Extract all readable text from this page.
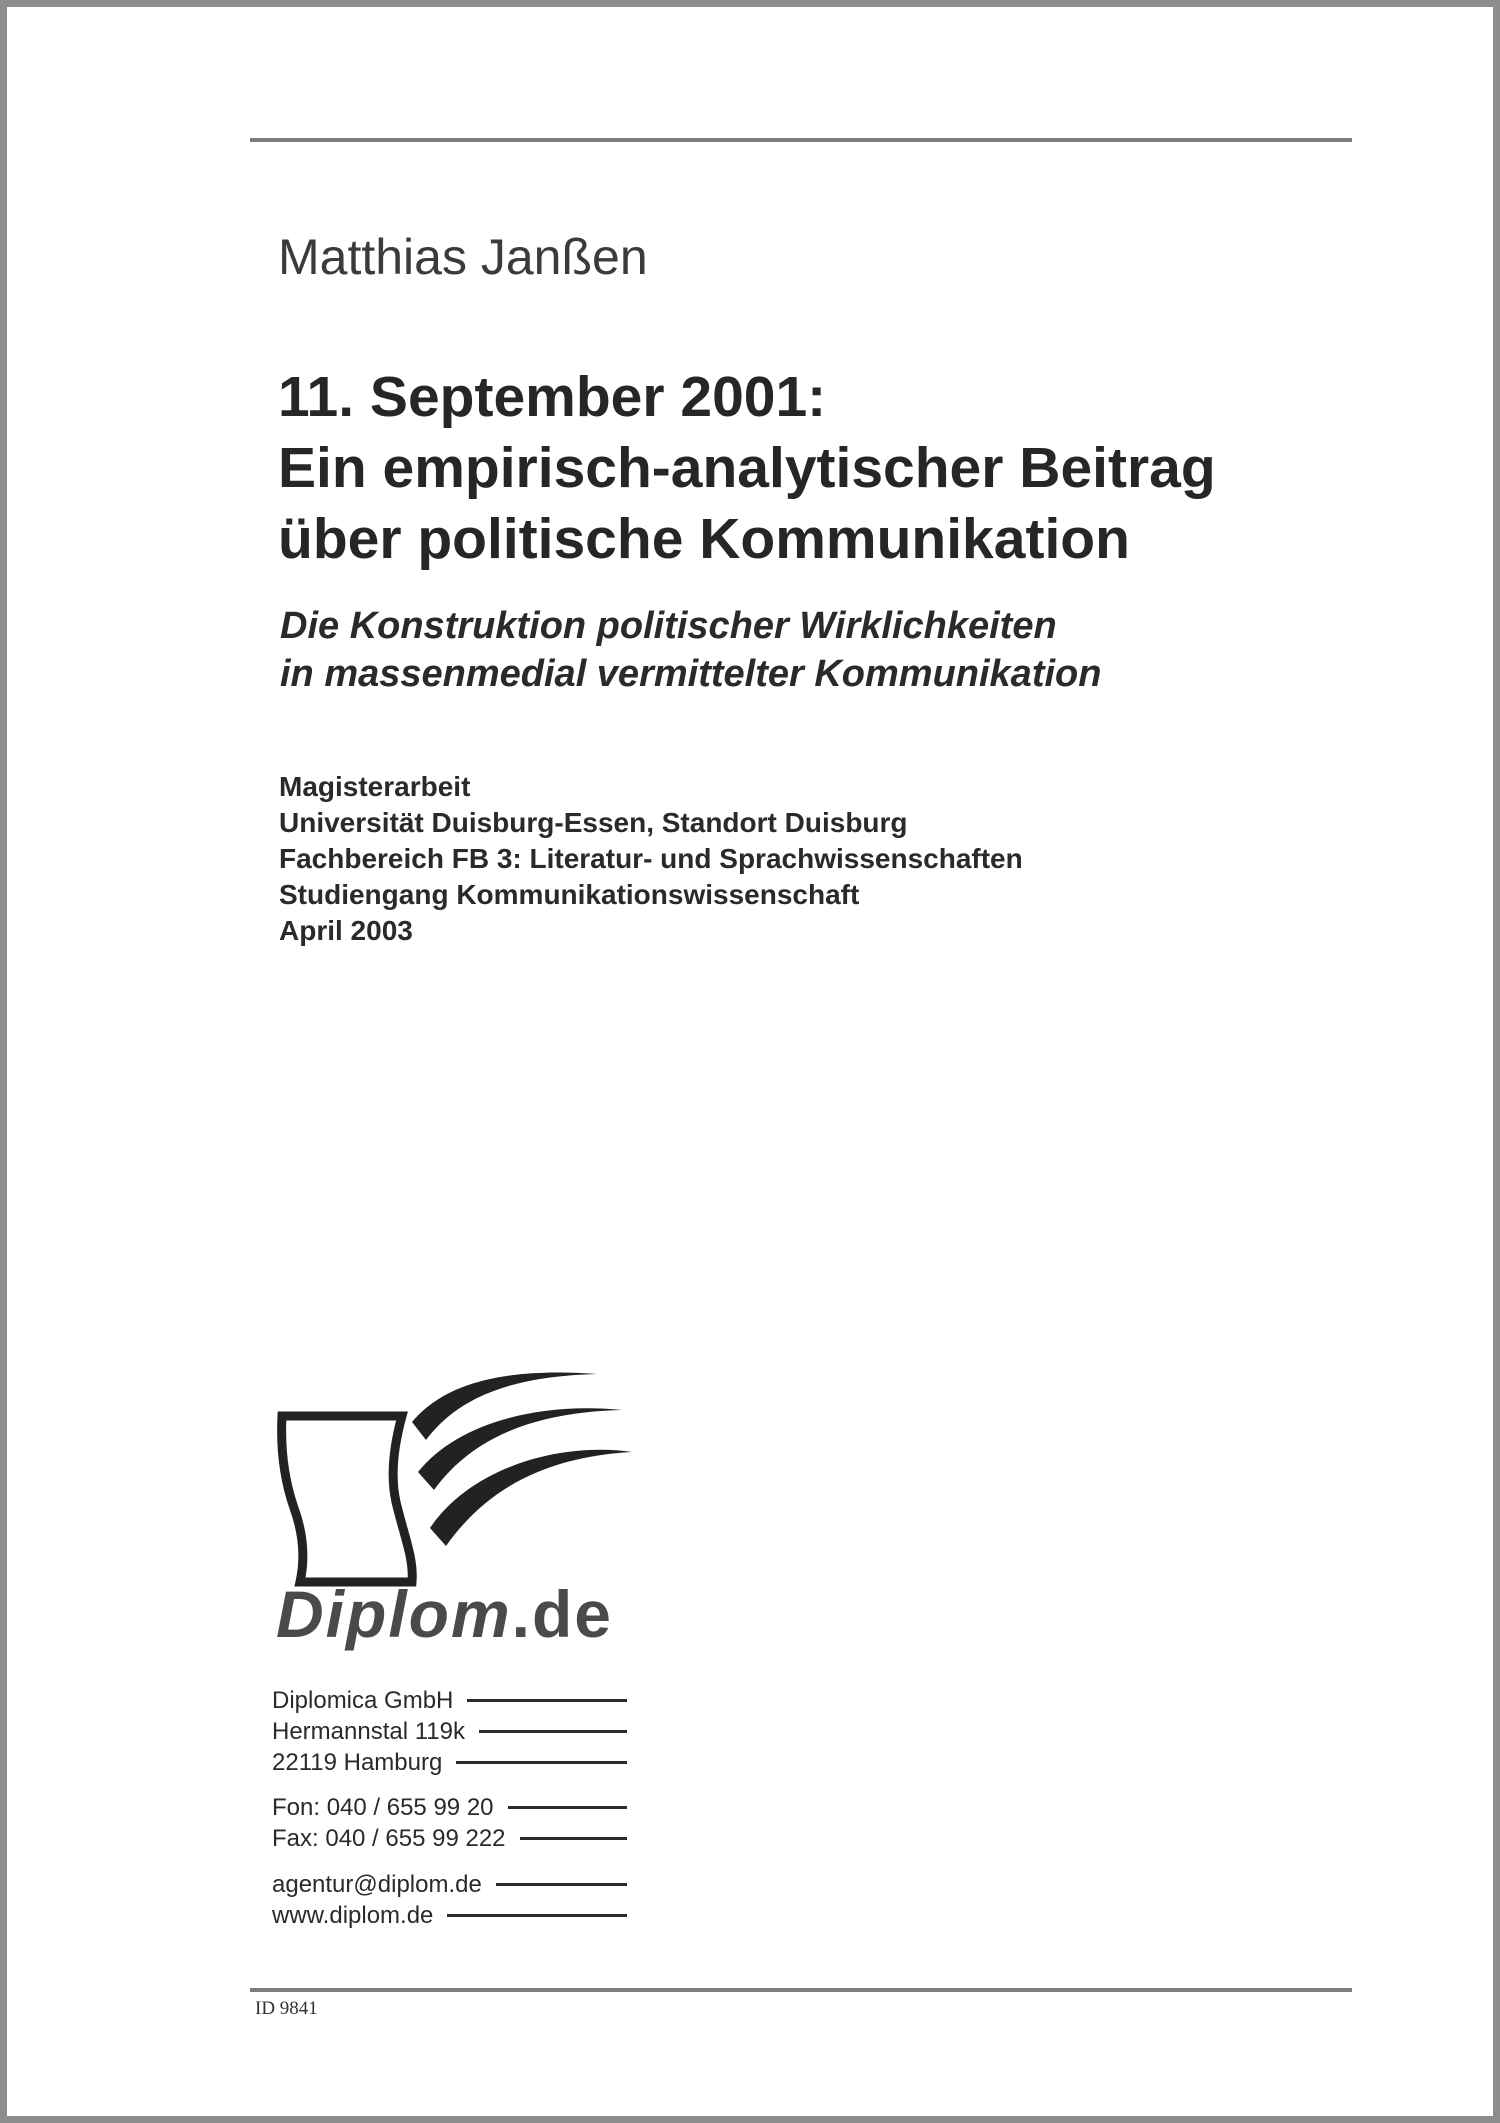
Matthias Janßen
11. September 2001:
Ein empirisch-analytischer Beitrag
über politische Kommunikation
Die Konstruktion politischer Wirklichkeiten
in massenmedial vermittelter Kommunikation
Magisterarbeit
Universität Duisburg-Essen, Standort Duisburg
Fachbereich FB 3: Literatur- und Sprachwissenschaften
Studiengang Kommunikationswissenschaft
April 2003
Diplom.de
Diplomica GmbH
Hermannstal 119k
22119 Hamburg
Fon: 040 / 655 99 20
Fax: 040 / 655 99 222
agentur@diplom.de
www.diplom.de
ID 9841
